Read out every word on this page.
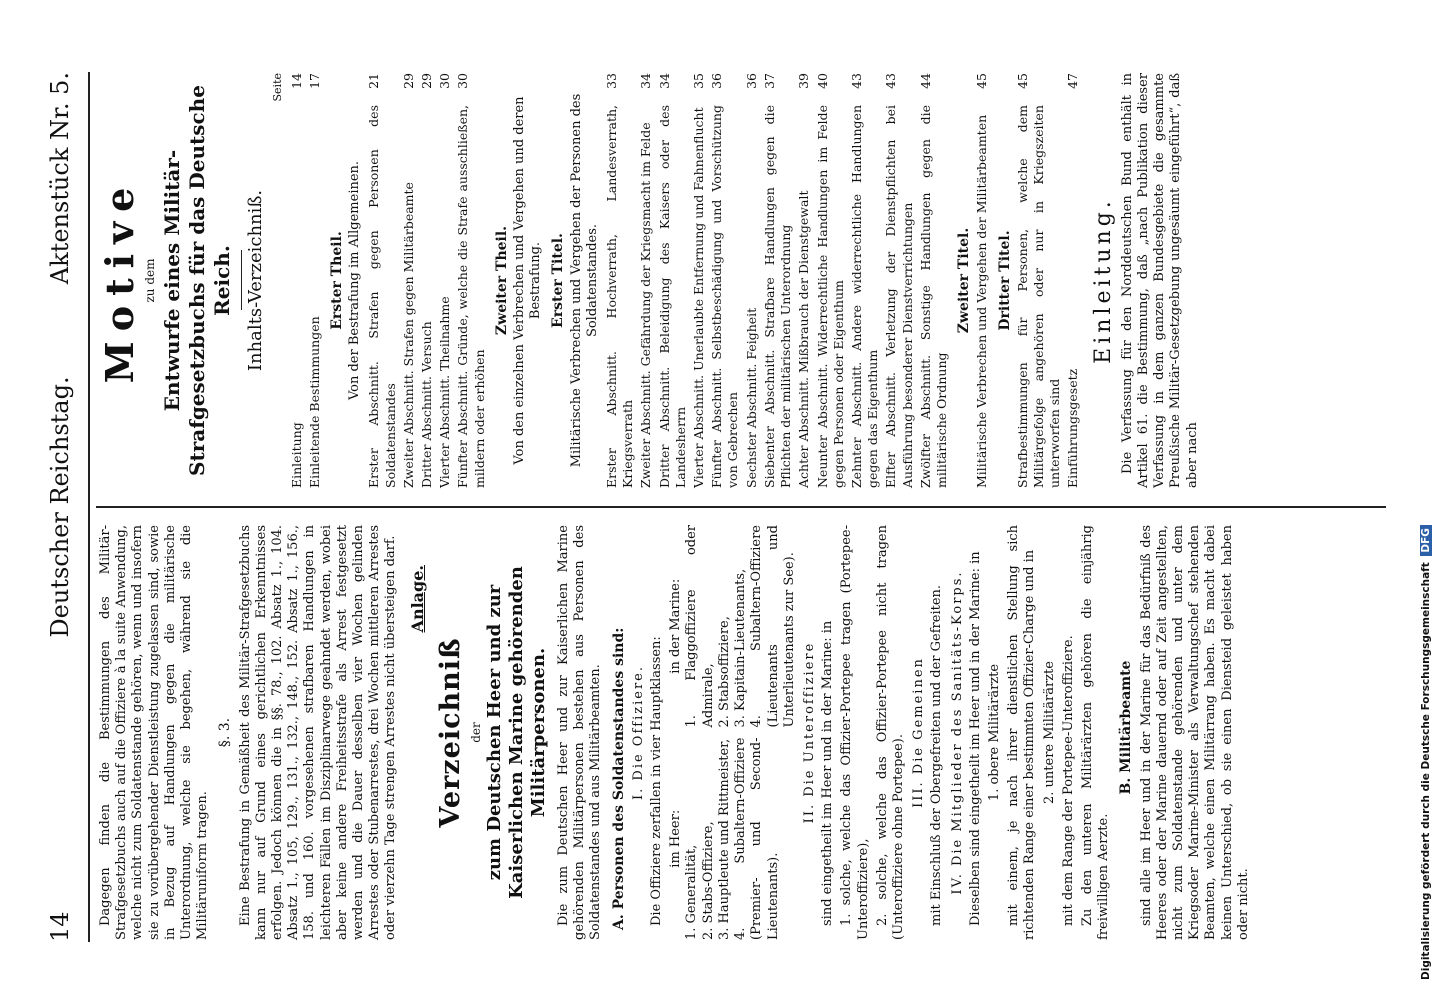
14
Deutscher Reichstag.
Aktenstück Nr. 5.

Dagegen finden die Bestimmungen des Militär-Strafgesetzbuchs auch auf die Offiziere à la suite Anwendung, welche nicht zum Soldatenstande gehören, wenn und insofern sie zu vorübergehender Dienstleistung zugelassen sind, sowie in Bezug auf Handlungen gegen die militärische Unterordnung, welche sie begehen, während sie die Militäruniform tragen.

§. 3. Eine Bestrafung in Gemäßheit des Militär-Strafgesetzbuchs kann nur auf Grund eines gerichtlichen Erkenntnisses erfolgen. Jedoch können die in §§. 78., 102. Absatz 1., 104. Absatz 1., 105, 129., 131., 132., 148., 152. Absatz 1., 156., 158. und 160. vorgesehenen strafbaren Handlungen in leichteren Fällen im Disziplinarwege geahndet werden, wobei aber keine andere Freiheitsstrafe als Arrest festgesetzt werden und die Dauer desselben vier Wochen gelinden Arrestes oder Stubenarrestes, drei Wochen mittleren Arrestes oder vierzehn Tage strengen Arrestes nicht übersteigen darf. Anlage.

Verzeichniß der zum Deutschen Heer und zur Kaiserlichen Marine gehörenden Militärpersonen. Die zum Deutschen Heer und zur Kaiserlichen Marine gehörenden Militärpersonen bestehen aus Personen des Soldatenstandes und aus Militärbeamten. A. Personen des Soldatenstandes sind: I. Die Offiziere. Die Offiziere zerfallen in vier Hauptklassen: im Heer:
1. Generalität, 2. Stabs-Offiziere, 3. Hauptleute und Rittmeister, 4. Subaltern-Offiziere (Premier- und Second-Lieutenants).
in der Marine: 1. Flaggoffiziere oder Admirale, 2. Stabsoffiziere, 3. Kapitain-Lieutenants, 4. Subaltern-Offiziere (Lieutenants und Unterlieutenants zur See).

II. Die Unteroffiziere sind eingetheilt im Heer und in der Marine: in 1. solche, welche das Offizier-Portepee tragen (Portepee-Unteroffiziere), 2. solche, welche das Offizier-Portepee nicht tragen (Unteroffiziere ohne Portepee).

III. Die Gemeinen mit Einschluß der Obergefreiten und der Gefreiten. IV. Die Mitglieder des Sanitäts-Korps. Dieselben sind eingetheilt im Heer und in der Marine: in 1. obere Militärärzte mit einem, je nach ihrer dienstlichen Stellung sich richtenden Range einer bestimmten Offizier-Charge und in 2. untere Militärärzte mit dem Range der Portepee-Unteroffiziere. Zu den unteren Militärärzten gehören die einjährig freiwilligen Aerzte.

B. Militärbeamte sind alle im Heer und in der Marine für das Bedürfniß des Heeres oder der Marine dauernd oder auf Zeit angestellten, nicht zum Soldatenstande gehörenden und unter dem Kriegsoder Marine-Minister als Verwaltungschef stehenden Beamten, welche einen Militärrang haben. Es macht dabei keinen Unterschied, ob sie einen Diensteid geleistet haben oder nicht.

Motive zu dem Entwurfe eines Militär-Strafgesetzbuchs für das Deutsche Reich. Inhalts-Verzeichniß.

Seite
Einleitung
14
Einleitende Bestimmungen
17

Erster Theil. Von der Bestrafung im Allgemeinen. Erster Abschnitt. Strafen gegen Personen des Soldatenstandes
21
Zweiter Abschnitt. Strafen gegen Militärbeamte
29
Dritter Abschnitt. Versuch
29
Vierter Abschnitt. Theilnahme
30
Fünfter Abschnitt. Gründe, welche die Strafe ausschließen, mildern oder erhöhen
30

Zweiter Theil. Von den einzelnen Verbrechen und Vergehen und deren Bestrafung. Erster Titel. Militärische Verbrechen und Vergehen der Personen des Soldatenstandes. Erster Abschnitt. Hochverrath, Landesverrath, Kriegsverrath
33
Zweiter Abschnitt. Gefährdung der Kriegsmacht im Felde
34
Dritter Abschnitt. Beleidigung des Kaisers oder des Landesherrn
34
Vierter Abschnitt. Unerlaubte Entfernung und Fahnenflucht
35
Fünfter Abschnitt. Selbstbeschädigung und Vorschützung von Gebrechen
36
Sechster Abschnitt. Feigheit
36
Siebenter Abschnitt. Strafbare Handlungen gegen die Pflichten der militärischen Unterordnung
37
Achter Abschnitt. Mißbrauch der Dienstgewalt
39
Neunter Abschnitt. Widerrechtliche Handlungen im Felde gegen Personen oder Eigenthum
40
Zehnter Abschnitt. Andere widerrechtliche Handlungen gegen das Eigenthum
43
Elfter Abschnitt. Verletzung der Dienstpflichten bei Ausführung besonderer Dienstverrichtungen
43
Zwölfter Abschnitt. Sonstige Handlungen gegen die militärische Ordnung
44

Zweiter Titel. Militärische Verbrechen und Vergehen der Militärbeamten
45

Dritter Titel. Strafbestimmungen für Personen, welche dem Militärgefolge angehören oder nur in Kriegszeiten unterworfen sind
45
Einführungsgesetz
47

Einleitung. Die Verfassung für den Norddeutschen Bund enthält in Artikel 61. die Bestimmung, daß „nach Publikation dieser Verfassung in dem ganzen Bundesgebiete die gesammte Preußische Militär-Gesetzgebung ungesäumt eingeführt“, daß aber nach

Digitalisierung gefördert durch die Deutsche Forschungsgemeinschaft DFG
